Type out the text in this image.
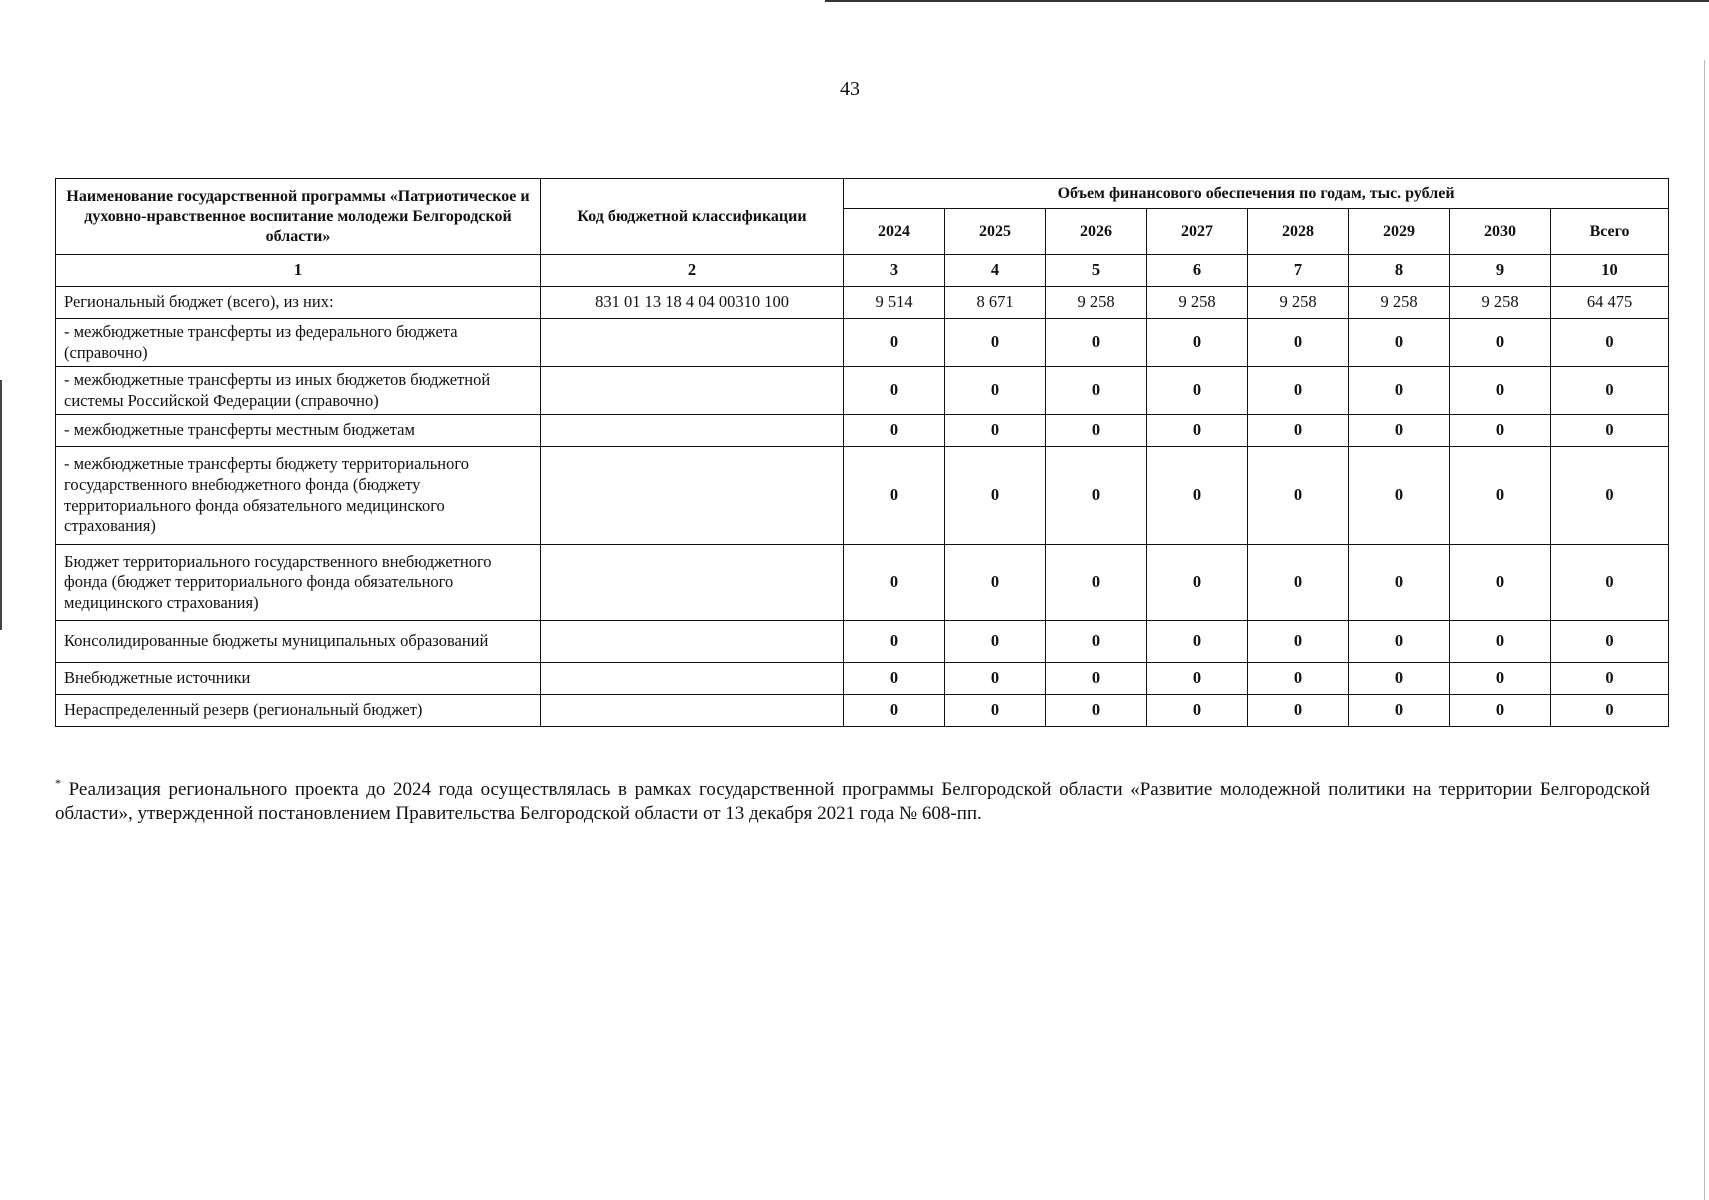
43
Наименование государственной программы «Патриотическое и духовно-нравственное воспитание молодежи Белгородской области»	Код бюджетной классификации	Объем финансового обеспечения по годам, тыс. рублей							
		2024	2025	2026	2027	2028	2029	2030	Всего
1	2	3	4	5	6	7	8	9	10
Региональный бюджет (всего), из них:	831 01 13 18 4 04 00310 100	9 514	8 671	9 258	9 258	9 258	9 258	9 258	64 475
- межбюджетные трансферты из федерального бюджета (справочно)		0	0	0	0	0	0	0	0
- межбюджетные трансферты из иных бюджетов бюджетной системы Российской Федерации (справочно)		0	0	0	0	0	0	0	0
- межбюджетные трансферты местным бюджетам		0	0	0	0	0	0	0	0
- межбюджетные трансферты бюджету территориального государственного внебюджетного фонда (бюджету территориального фонда обязательного медицинского страхования)		0	0	0	0	0	0	0	0
Бюджет территориального государственного внебюджетного фонда (бюджет территориального фонда обязательного медицинского страхования)		0	0	0	0	0	0	0	0
Консолидированные бюджеты муниципальных образований		0	0	0	0	0	0	0	0
Внебюджетные источники		0	0	0	0	0	0	0	0
Нераспределенный резерв (региональный бюджет)		0	0	0	0	0	0	0	0
* Реализация регионального проекта до 2024 года осуществлялась в рамках государственной программы Белгородской области «Развитие молодежной политики на территории Белгородской области», утвержденной постановлением Правительства Белгородской области от 13 декабря 2021 года № 608-пп.
